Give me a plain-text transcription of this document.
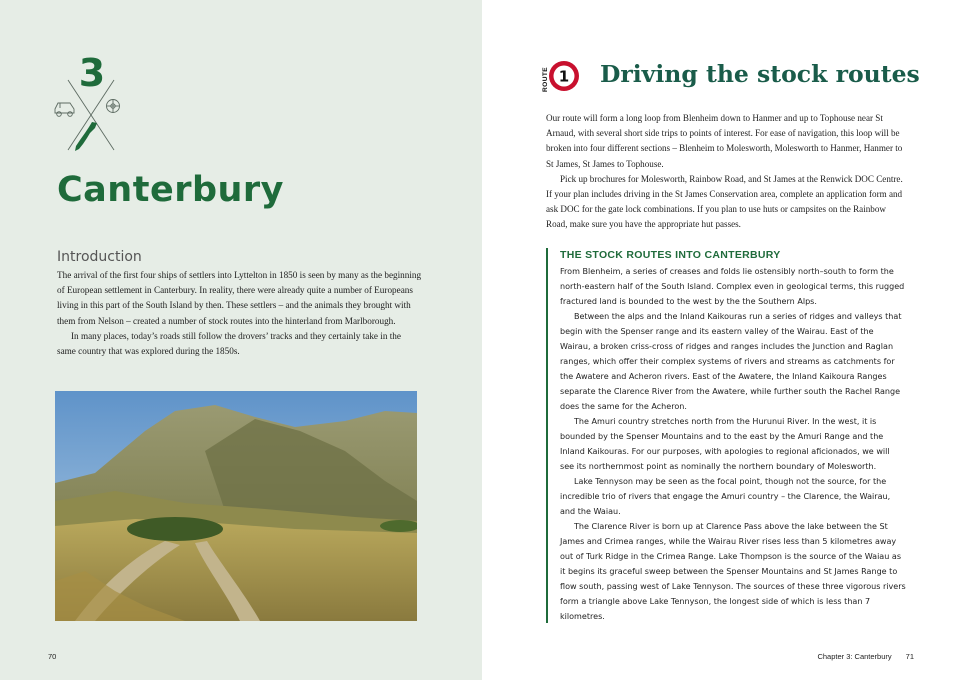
3
Canterbury
Introduction

The arrival of the first four ships of settlers into Lyttelton in 1850 is seen by many as the beginning of European settlement in Canterbury. In reality, there were already quite a number of Europeans living in this part of the South Island by then. These settlers – and the animals they brought with them from Nelson – created a number of stock routes into the hinterland from Marlborough.

In many places, today’s roads still follow the drovers’ tracks and they certainly take in the same country that was explored during the 1850s.

70
1
ROUTE Driving the stock routes

Our route will form a long loop from Blenheim down to Hanmer and up to Tophouse near St Arnaud, with several short side trips to points of interest. For ease of navigation, this loop will be broken into four different sections – Blenheim to Molesworth, Molesworth to Hanmer, Hanmer to St James, St James to Tophouse.

Pick up brochures for Molesworth, Rainbow Road, and St James at the Renwick DOC Centre. If your plan includes driving in the St James Conservation area, complete an application form and ask DOC for the gate lock combinations. If you plan to use huts or campsites on the Rainbow Road, make sure you have the appropriate hut passes.

THE STOCK ROUTES INTO CANTERBURY

From Blenheim, a series of creases and folds lie ostensibly north–south to form the north-eastern half of the South Island. Complex even in geological terms, this rugged fractured land is bounded to the west by the the Southern Alps.

Between the alps and the Inland Kaikouras run a series of ridges and valleys that begin with the Spenser range and its eastern valley of the Wairau. East of the Wairau, a broken criss-cross of ridges and ranges includes the Junction and Raglan ranges, which offer their complex systems of rivers and streams as catchments for the Awatere and Acheron rivers. East of the Awatere, the Inland Kaikoura Ranges separate the Clarence River from the Awatere, while further south the Rachel Range does the same for the Acheron.

The Amuri country stretches north from the Hurunui River. In the west, it is bounded by the Spenser Mountains and to the east by the Amuri Range and the Inland Kaikouras. For our purposes, with apologies to regional aficionados, we will see its northernmost point as nominally the northern boundary of Molesworth.

Lake Tennyson may be seen as the focal point, though not the source, for the incredible trio of rivers that engage the Amuri country – the Clarence, the Wairau, and the Waiau.

The Clarence River is born up at Clarence Pass above the lake between the St James and Crimea ranges, while the Wairau River rises less than 5 kilometres away out of Turk Ridge in the Crimea Range. Lake Thompson is the source of the Waiau as it begins its graceful sweep between the Spenser Mountains and St James Range to flow south, passing west of Lake Tennyson. The sources of these three vigorous rivers form a triangle above Lake Tennyson, the longest side of which is less than 7 kilometres.

Chapter 3: Canterbury 71
